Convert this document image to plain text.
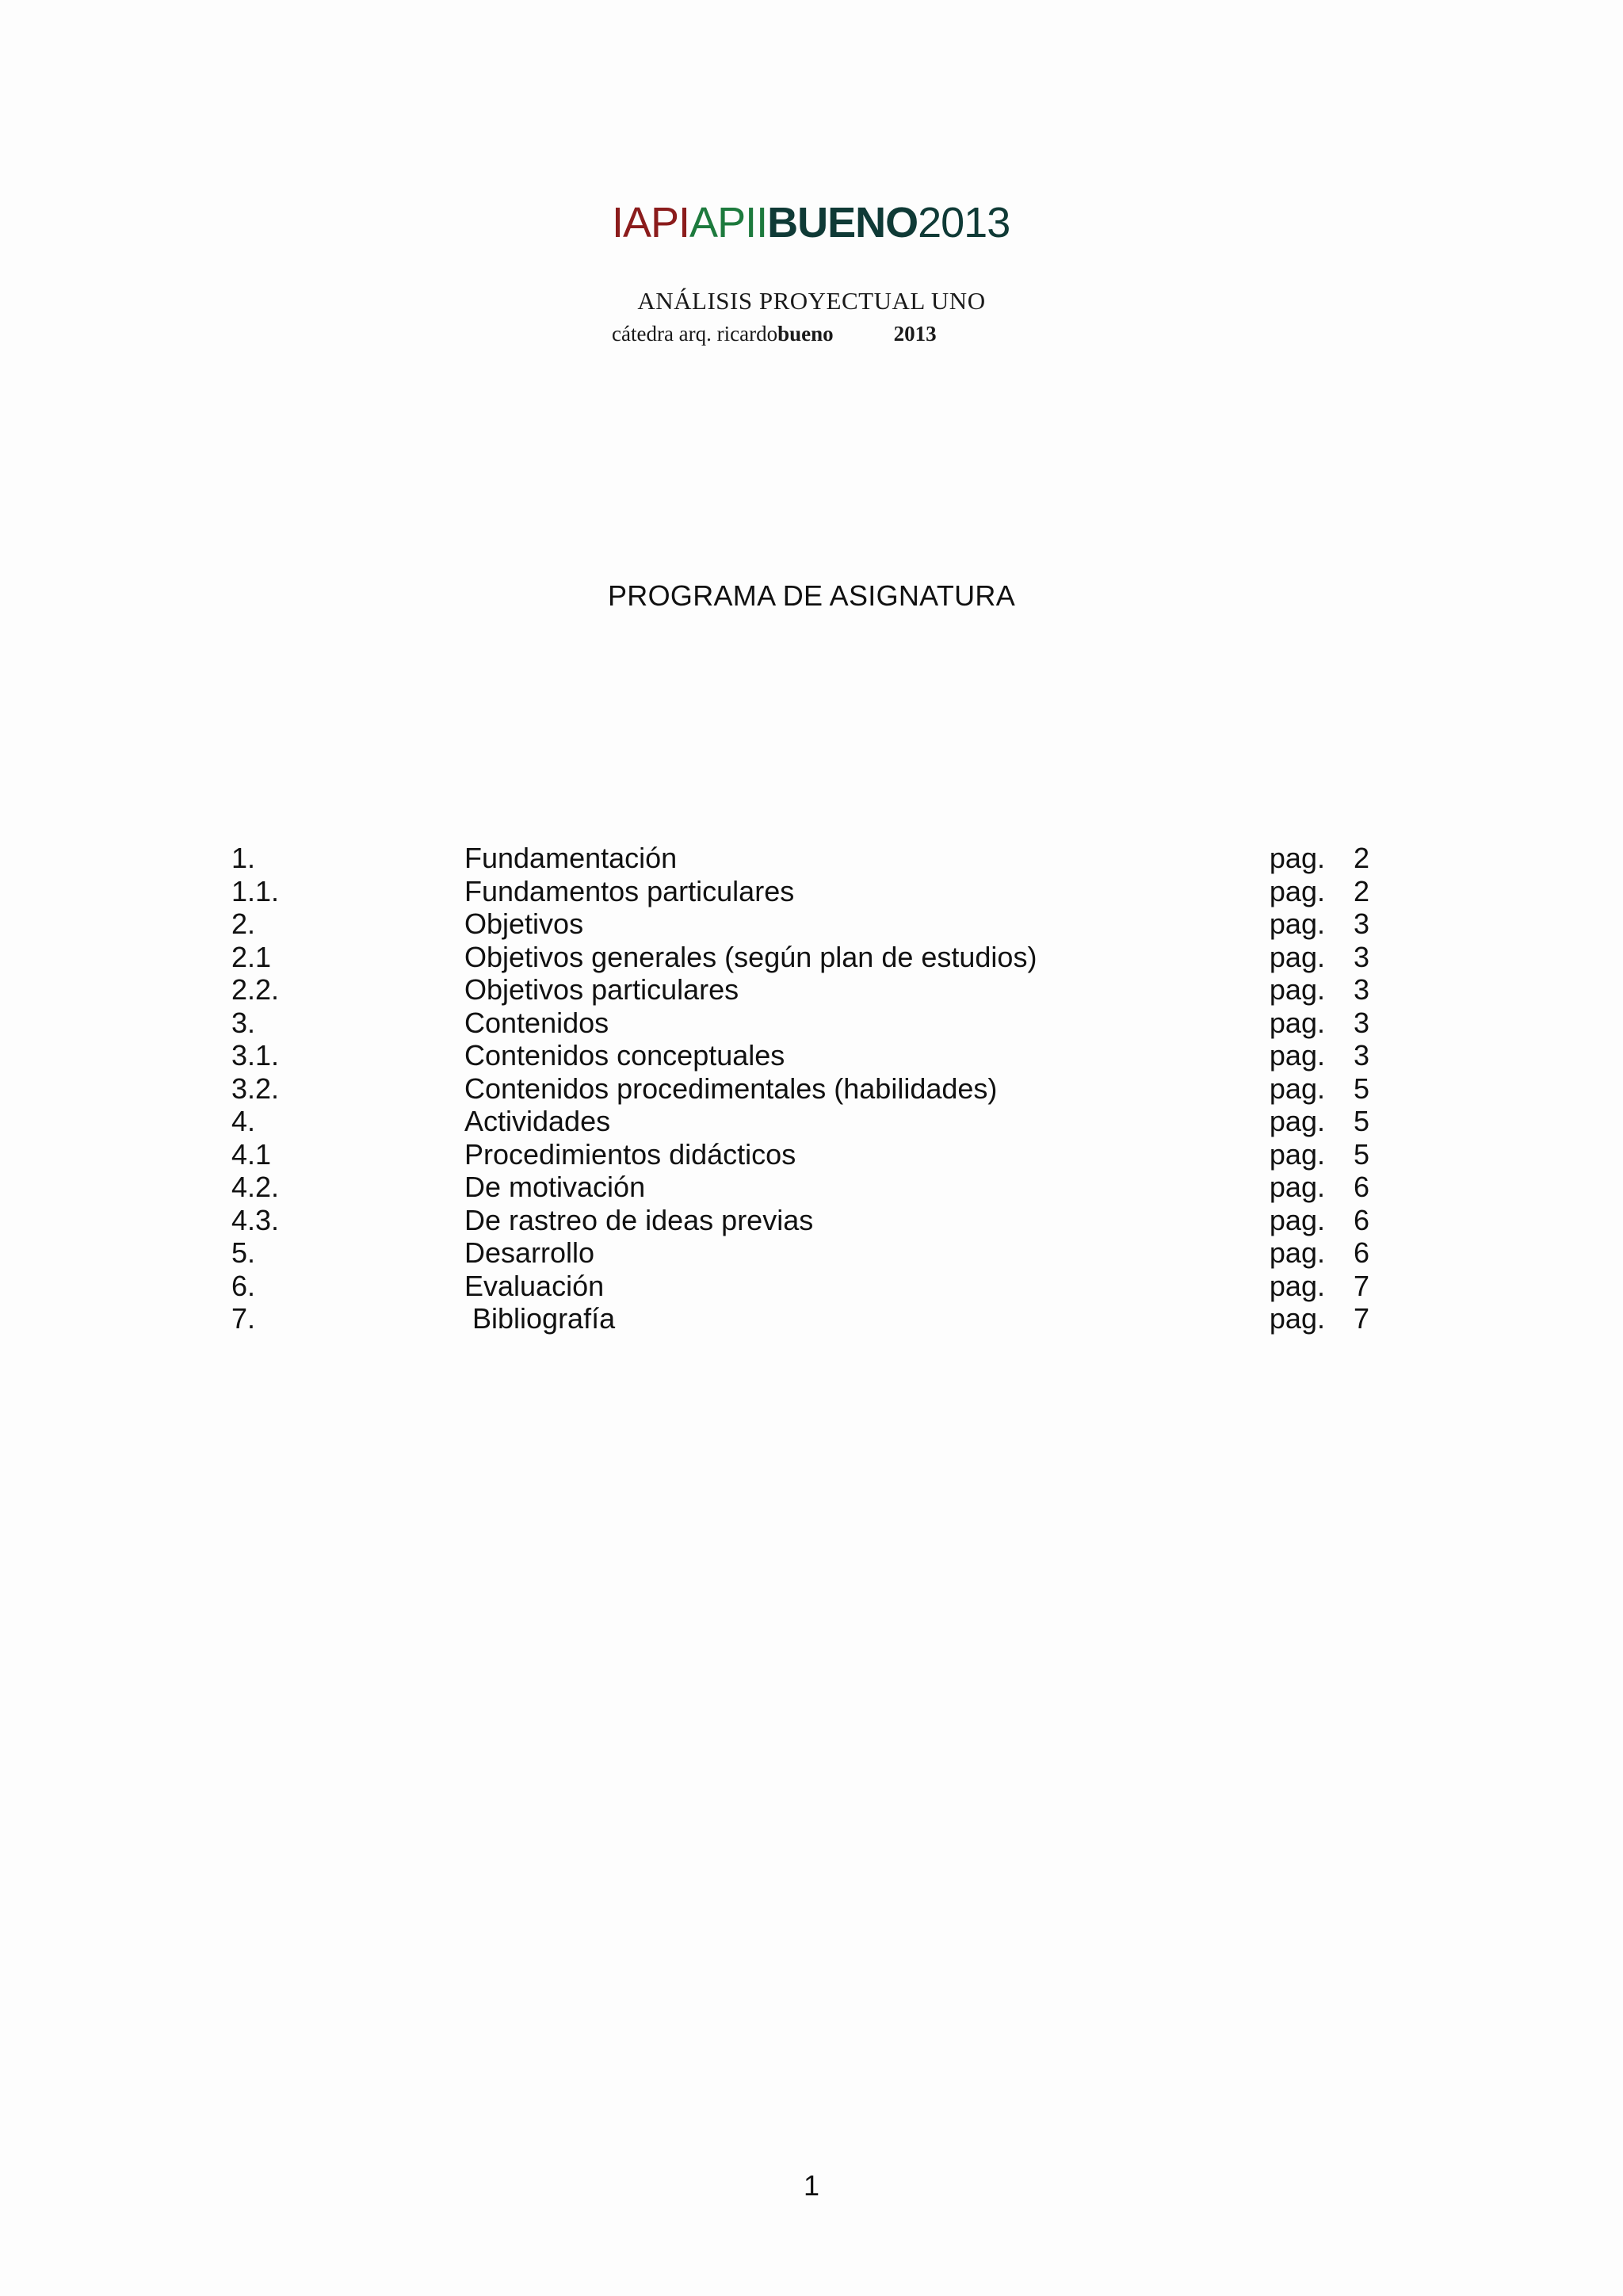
IAPIAPII BUENO 2013
ANÁLISIS PROYECTUAL UNO
cátedra arq. ricardobueno	2013
PROGRAMA DE ASIGNATURA
1.	Fundamentación	pag.  2
1.1.	Fundamentos particulares	pag.  2
2.	Objetivos	pag.  3
2.1	Objetivos generales (según plan de estudios)	pag.  3
2.2.	Objetivos particulares	pag.  3
3.	Contenidos	pag.  3
3.1.	Contenidos conceptuales	pag.  3
3.2.	Contenidos procedimentales (habilidades)	pag.  5
4.	Actividades	pag.  5
4.1	Procedimientos didácticos	pag.  5
4.2.	De motivación	pag.  6
4.3.	De rastreo de ideas previas	pag.  6
5.	Desarrollo	pag.  6
6.	Evaluación	pag.  7
7.	Bibliografía	pag.  7
1
